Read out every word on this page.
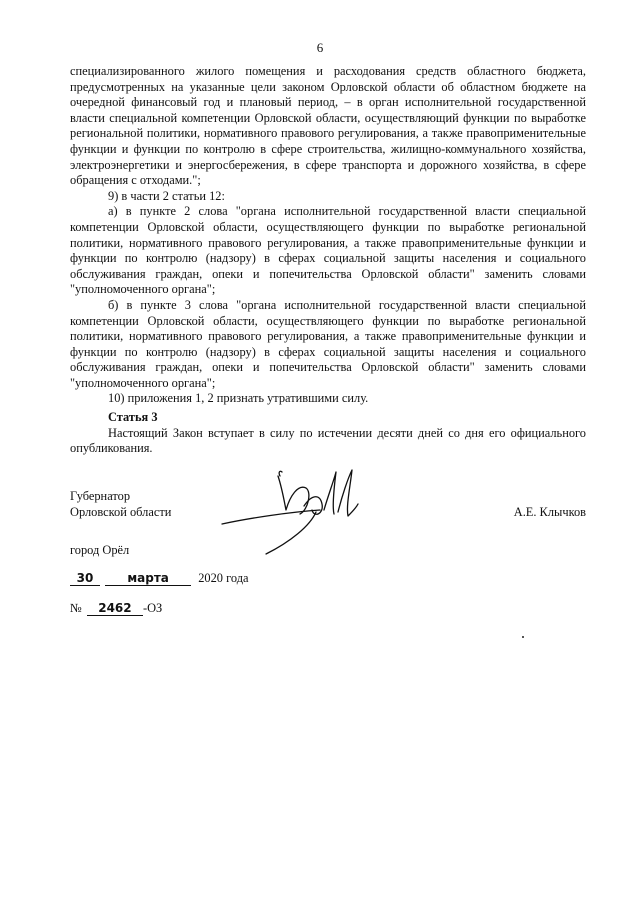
6

специализированного жилого помещения и расходования средств областного бюджета, предусмотренных на указанные цели законом Орловской области об областном бюджете на очередной финансовый год и плановый период, – в орган исполнительной государственной власти специальной компетенции Орловской области, осуществляющий функции по выработке региональной политики, нормативного правового регулирования, а также правоприменительные функции и функции по контролю в сфере строительства, жилищно-коммунального хозяйства, электроэнергетики и энергосбережения, в сфере транспорта и дорожного хозяйства, в сфере обращения с отходами.";

9) в части 2 статьи 12:

а) в пункте 2 слова "органа исполнительной государственной власти специальной компетенции Орловской области, осуществляющего функции по выработке региональной политики, нормативного правового регулирования, а также правоприменительные функции и функции по контролю (надзору) в сферах социальной защиты населения и социального обслуживания граждан, опеки и попечительства Орловской области" заменить словами "уполномоченного органа";

б) в пункте 3 слова "органа исполнительной государственной власти специальной компетенции Орловской области, осуществляющего функции по выработке региональной политики, нормативного правового регулирования, а также правоприменительные функции и функции по контролю (надзору) в сферах социальной защиты населения и социального обслуживания граждан, опеки и попечительства Орловской области" заменить словами "уполномоченного органа";

10) приложения 1, 2 признать утратившими силу.

Статья 3

Настоящий Закон вступает в силу по истечении десяти дней со дня его официального опубликования.

Губернатор
Орловской области	А.Е. Клычков
город Орёл
30	марта 2020 года
№ 2462 -ОЗ
